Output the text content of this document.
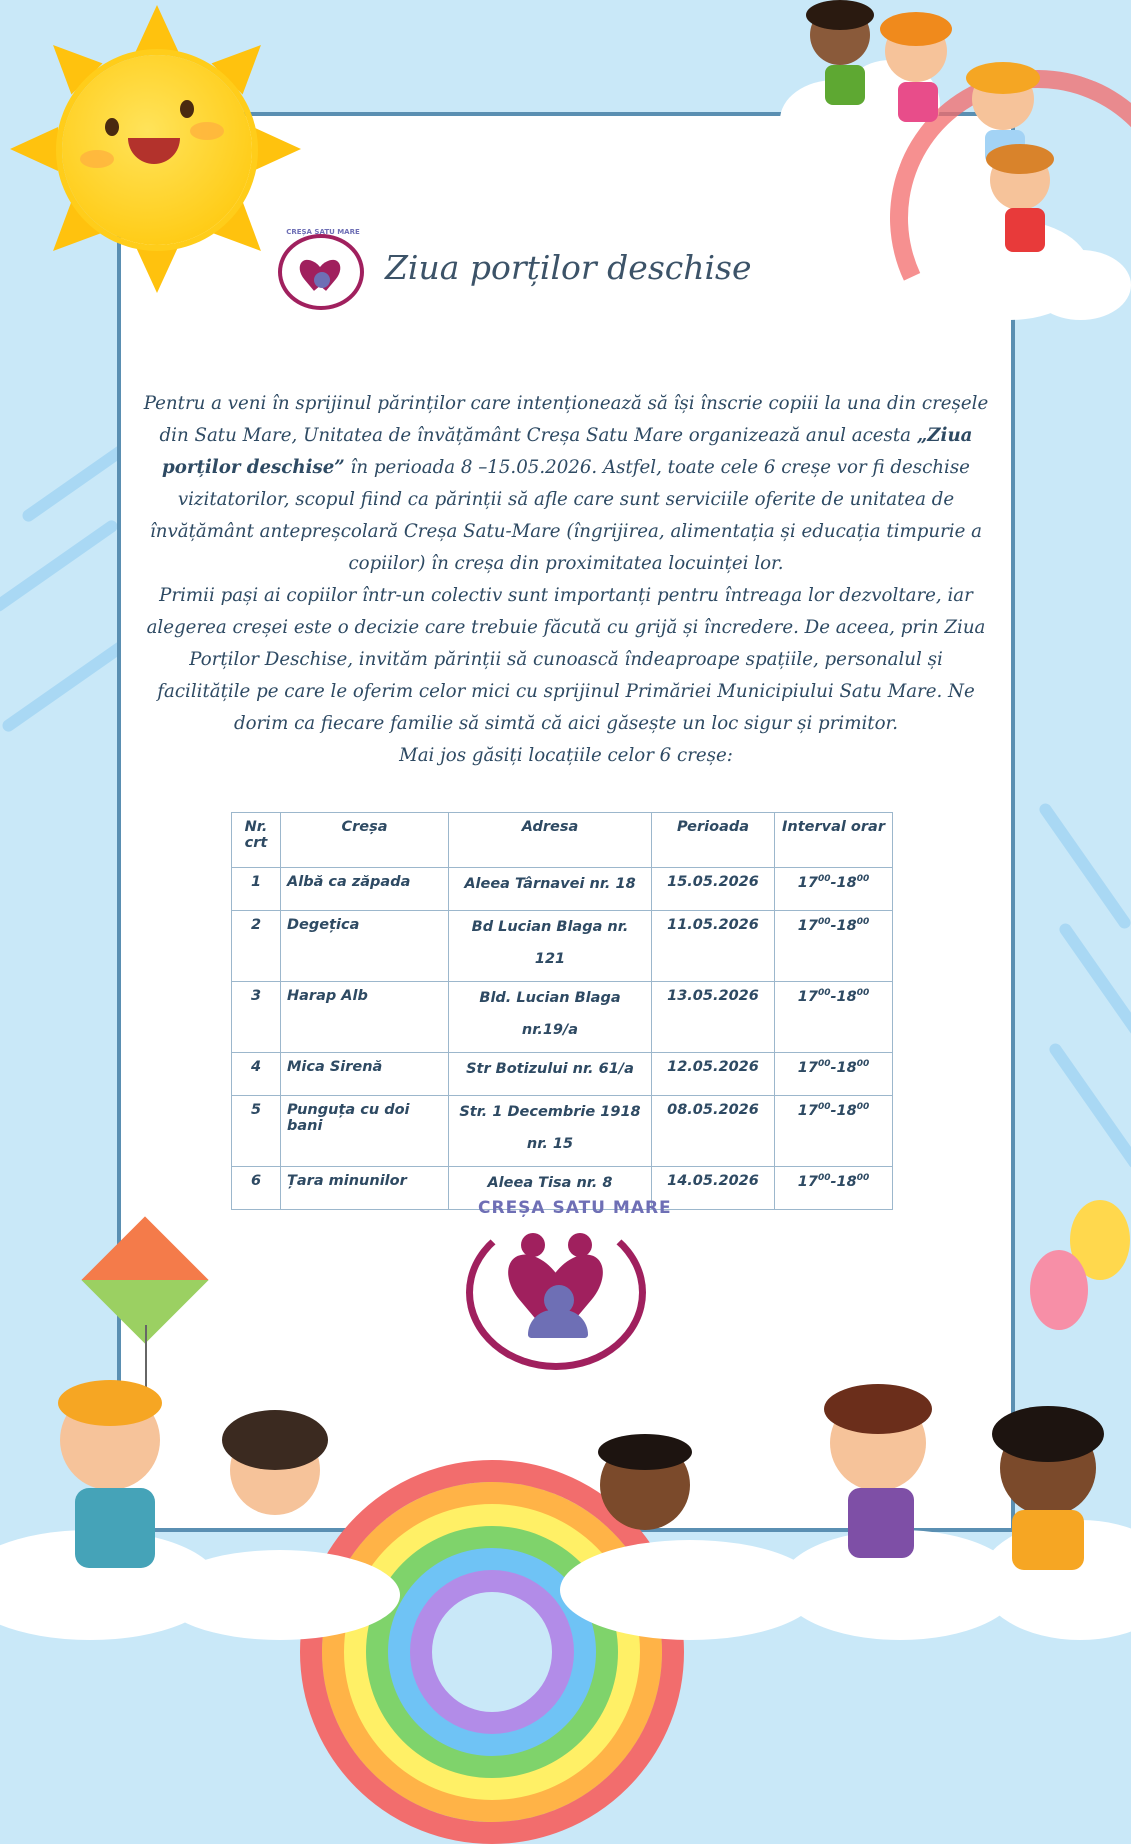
CREȘA SATU MARE
Ziua porților deschise

Pentru a veni în sprijinul părinților care intenționează să își înscrie copiii la una din creșele din Satu Mare, Unitatea de învățământ Creșa Satu Mare organizează anul acesta „Ziua porților deschise” în perioada 8 –15.05.2026. Astfel, toate cele 6 creșe vor fi deschise vizitatorilor, scopul fiind ca părinții să afle care sunt serviciile oferite de unitatea de învățământ antepreșcolară Creșa Satu-Mare (îngrijirea, alimentația și educația timpurie a copiilor) în creșa din proximitatea locuinței lor.

Primii pași ai copiilor într-un colectiv sunt importanți pentru întreaga lor dezvoltare, iar alegerea creșei este o decizie care trebuie făcută cu grijă și încredere. De aceea, prin Ziua Porților Deschise, invităm părinții să cunoască îndeaproape spațiile, personalul și facilitățile pe care le oferim celor mici cu sprijinul Primăriei Municipiului Satu Mare. Ne dorim ca fiecare familie să simtă că aici găsește un loc sigur și primitor.

Mai jos găsiți locațiile celor 6 creșe:

Nr. crt	Creșa	Adresa	Perioada	Interval orar
1	Albă ca zăpada	Aleea Târnavei nr. 18	15.05.2026	$17^{00}-18^{00}$
2	Degețica	Bd Lucian Blaga nr. 121	11.05.2026	$17^{00}-18^{00}$
3	Harap Alb	Bld. Lucian Blaga nr.19/a	13.05.2026	$17^{00}-18^{00}$
4	Mica Sirenă	Str Botizului nr. 61/a	12.05.2026	$17^{00}-18^{00}$
5	Punguța cu doi bani	Str. 1 Decembrie 1918 nr. 15	08.05.2026	$17^{00}-18^{00}$
6	Țara minunilor	Aleea Tisa nr. 8	14.05.2026	$17^{00}-18^{00}$
CREȘA SATU MARE
